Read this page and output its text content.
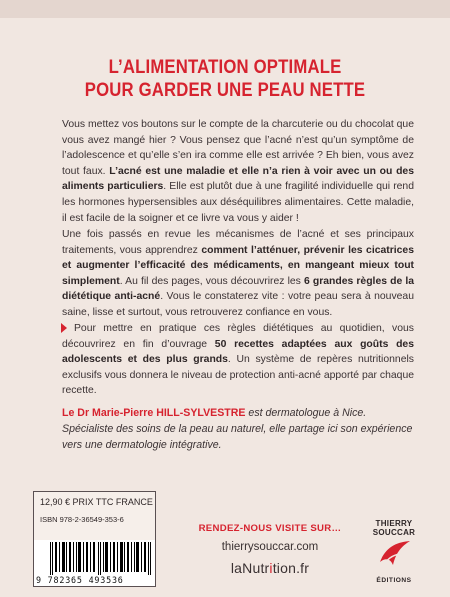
L’ALIMENTATION OPTIMALE
POUR GARDER UNE PEAU NETTE
Vous mettez vos boutons sur le compte de la charcuterie ou du chocolat que vous avez mangé hier ? Vous pensez que l’acné n’est qu’un symptôme de l’adolescence et qu’elle s’en ira comme elle est arrivée ? Eh bien, vous avez tout faux. L’acné est une maladie et elle n’a rien à voir avec un ou des aliments particuliers. Elle est plutôt due à une fragilité individuelle qui rend les hormones hypersensibles aux déséquilibres alimentaires. Cette maladie, il est facile de la soigner et ce livre va vous y aider !
Une fois passés en revue les mécanismes de l’acné et ses principaux traitements, vous apprendrez comment l’atténuer, prévenir les cicatrices et augmenter l’efficacité des médicaments, en mangeant mieux tout simplement. Au fil des pages, vous découvrirez les 6 grandes règles de la diététique anti-acné. Vous le constaterez vite : votre peau sera à nouveau saine, lisse et surtout, vous retrouverez confiance en vous.
Pour mettre en pratique ces règles diététiques au quotidien, vous découvrirez en fin d’ouvrage 50 recettes adaptées aux goûts des adolescents et des plus grands. Un système de repères nutritionnels exclusifs vous donnera le niveau de protection anti-acné apporté par chaque recette.
Le Dr Marie-Pierre HILL-SYLVESTRE est dermatologue à Nice. Spécialiste des soins de la peau au naturel, elle partage ici son expérience vers une dermatologie intégrative.
12,90 € PRIX TTC FRANCE
ISBN 978-2-36549-353-6
9 782365 493536
RENDEZ-NOUS VISITE SUR…
thierrysouccar.com
laNutrition.fr
THIERRY
SOUCCAR
ÉDITIONS
